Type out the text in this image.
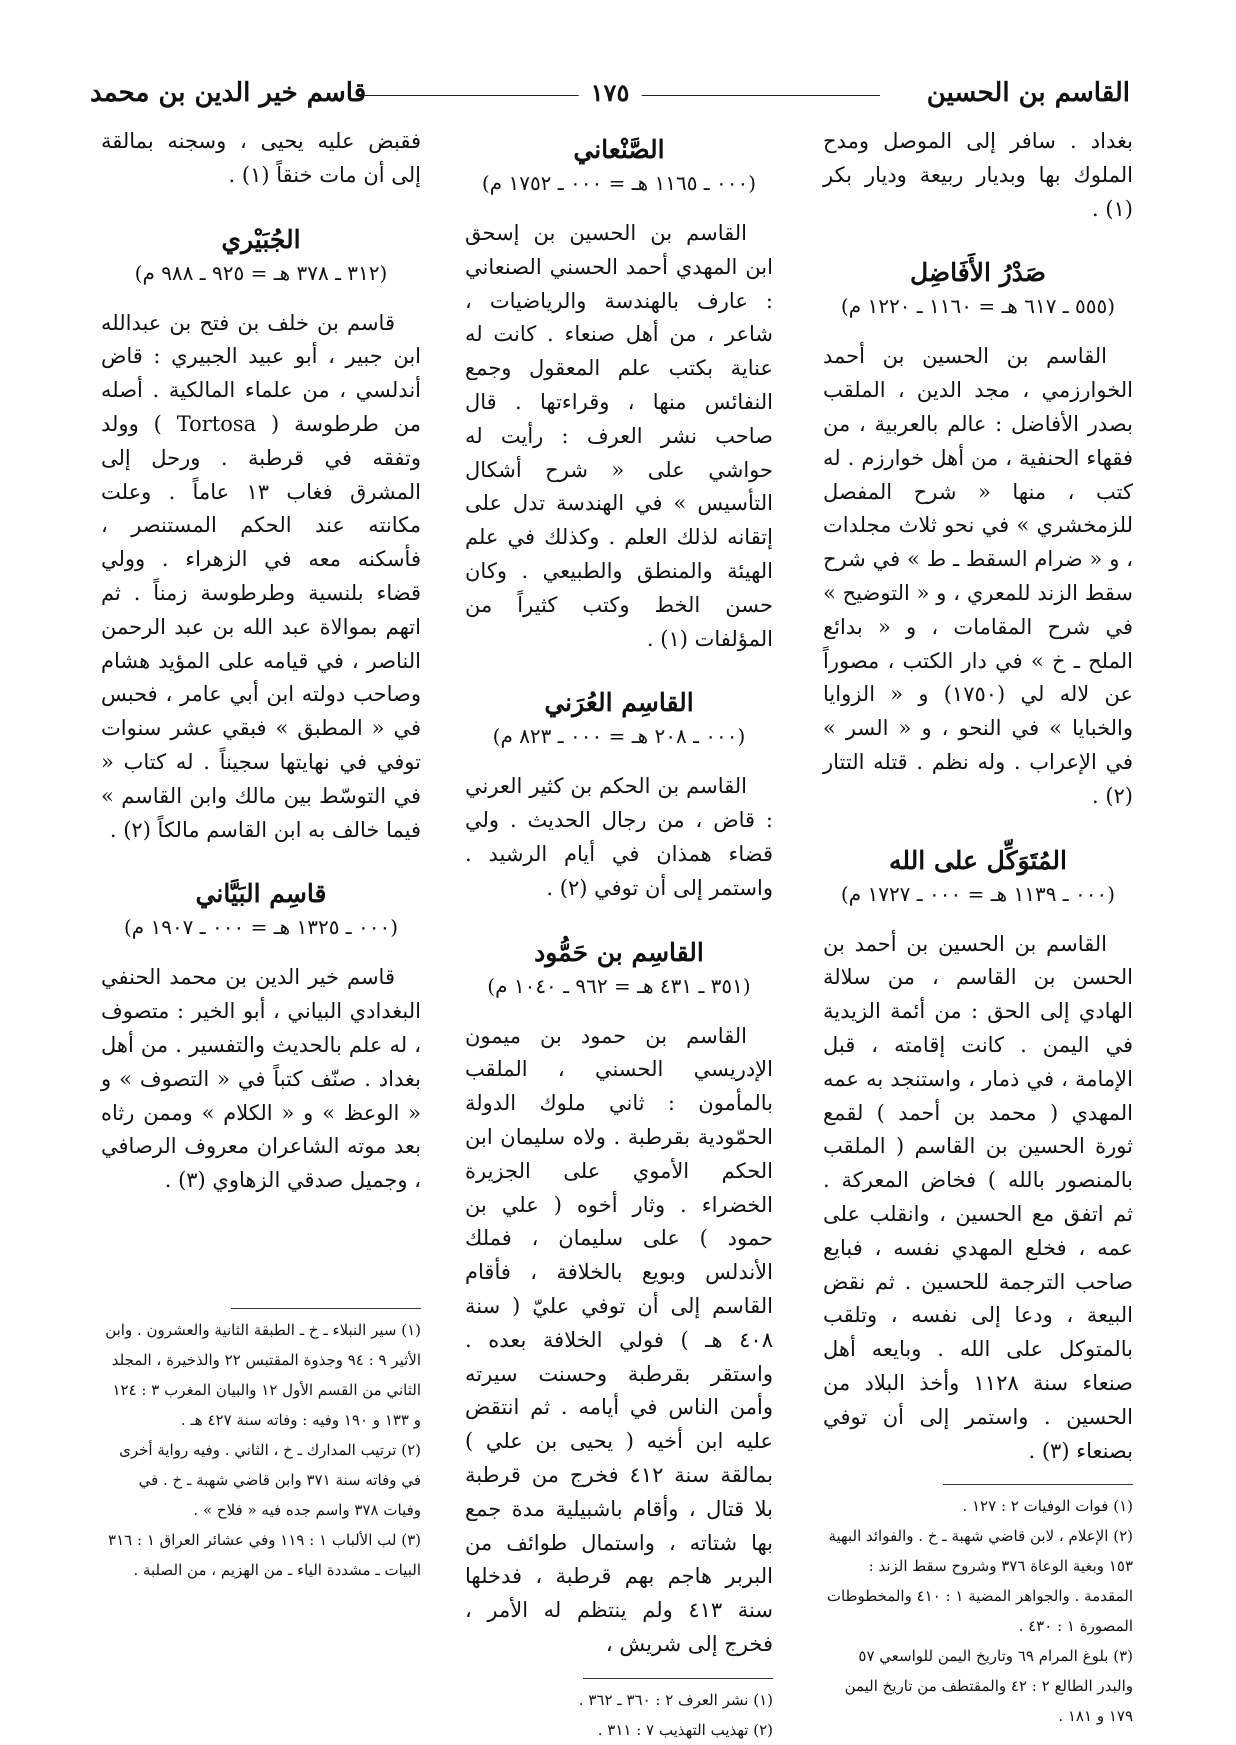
القاسم بن الحسين
١٧٥
قاسم خير الدين بن محمد

بغداد . سافر إلى الموصل ومدح الملوك بها وبديار ربيعة وديار بكر (١) .

صَدْرُ الأَفَاضِل
(٥٥٥ ـ ٦١٧ هـ = ١١٦٠ ـ ١٢٢٠ م)

القاسم بن الحسين بن أحمد الخوارزمي ، مجد الدين ، الملقب بصدر الأفاضل : عالم بالعربية ، من فقهاء الحنفية ، من أهل خوارزم . له كتب ، منها « شرح المفصل للزمخشري » في نحو ثلاث مجلدات ، و « ضرام السقط ـ ط » في شرح سقط الزند للمعري ، و « التوضيح » في شرح المقامات ، و « بدائع الملح ـ خ » في دار الكتب ، مصوراً عن لاله لي (١٧٥٠) و « الزوايا والخبايا » في النحو ، و « السر » في الإعراب . وله نظم . قتله التتار (٢) .

المُتَوَكِّل على الله
(٠٠٠ ـ ١١٣٩ هـ = ٠٠٠ ـ ١٧٢٧ م)

القاسم بن الحسين بن أحمد بن الحسن بن القاسم ، من سلالة الهادي إلى الحق : من أئمة الزيدية في اليمن . كانت إقامته ، قبل الإمامة ، في ذمار ، واستنجد به عمه المهدي ( محمد بن أحمد ) لقمع ثورة الحسين بن القاسم ( الملقب بالمنصور بالله ) فخاض المعركة . ثم اتفق مع الحسين ، وانقلب على عمه ، فخلع المهدي نفسه ، فبايع صاحب الترجمة للحسين . ثم نقض البيعة ، ودعا إلى نفسه ، وتلقب بالمتوكل على الله . وبايعه أهل صنعاء سنة ١١٢٨ وأخذ البلاد من الحسين . واستمر إلى أن توفي بصنعاء (٣) .

(١) فوات الوفيات ٢ : ١٢٧ .

(٢) الإعلام ، لابن قاضي شهبة ـ خ . والفوائد البهية ١٥٣ وبغية الوعاة ٣٧٦ وشروح سقط الزند : المقدمة . والجواهر المضية ١ : ٤١٠ والمخطوطات المصورة ١ : ٤٣٠ .

(٣) بلوغ المرام ٦٩ وتاريخ اليمن للواسعي ٥٧ والبدر الطالع ٢ : ٤٢ والمقتطف من تاريخ اليمن ١٧٩ و ١٨١ .

الصَّنْعاني
(٠٠٠ ـ ١١٦٥ هـ = ٠٠٠ ـ ١٧٥٢ م)

القاسم بن الحسين بن إسحق ابن المهدي أحمد الحسني الصنعاني : عارف بالهندسة والرياضيات ، شاعر ، من أهل صنعاء . كانت له عناية بكتب علم المعقول وجمع النفائس منها ، وقراءتها . قال صاحب نشر العرف : رأيت له حواشي على « شرح أشكال التأسيس » في الهندسة تدل على إتقانه لذلك العلم . وكذلك في علم الهيئة والمنطق والطبيعي . وكان حسن الخط وكتب كثيراً من المؤلفات (١) .

القاسِم العُرَني
(٠٠٠ ـ ٢٠٨ هـ = ٠٠٠ ـ ٨٢٣ م)

القاسم بن الحكم بن كثير العرني : قاض ، من رجال الحديث . ولي قضاء همذان في أيام الرشيد . واستمر إلى أن توفي (٢) .

القاسِم بن حَمُّود
(٣٥١ ـ ٤٣١ هـ = ٩٦٢ ـ ١٠٤٠ م)

القاسم بن حمود بن ميمون الإدريسي الحسني ، الملقب بالمأمون : ثاني ملوك الدولة الحمّودية بقرطبة . ولاه سليمان ابن الحكم الأموي على الجزيرة الخضراء . وثار أخوه ( علي بن حمود ) على سليمان ، فملك الأندلس وبويع بالخلافة ، فأقام القاسم إلى أن توفي عليّ ( سنة ٤٠٨ هـ ) فولي الخلافة بعده . واستقر بقرطبة وحسنت سيرته وأمن الناس في أيامه . ثم انتقض عليه ابن أخيه ( يحيى بن علي ) بمالقة سنة ٤١٢ فخرج من قرطبة بلا قتال ، وأقام باشبيلية مدة جمع بها شتاته ، واستمال طوائف من البربر هاجم بهم قرطبة ، فدخلها سنة ٤١٣ ولم ينتظم له الأمر ، فخرج إلى شريش ،

(١) نشر العرف ٢ : ٣٦٠ ـ ٣٦٢ .

(٢) تهذيب التهذيب ٧ : ٣١١ .

فقبض عليه يحيى ، وسجنه بمالقة إلى أن مات خنقاً (١) .

الجُبَيْري
(٣١٢ ـ ٣٧٨ هـ = ٩٢٥ ـ ٩٨٨ م)

قاسم بن خلف بن فتح بن عبدالله ابن جبير ، أبو عبيد الجبيري : قاض أندلسي ، من علماء المالكية . أصله من طرطوسة ( Tortosa ) وولد وتفقه في قرطبة . ورحل إلى المشرق فغاب ١٣ عاماً . وعلت مكانته عند الحكم المستنصر ، فأسكنه معه في الزهراء . وولي قضاء بلنسية وطرطوسة زمناً . ثم اتهم بموالاة عبد الله بن عبد الرحمن الناصر ، في قيامه على المؤيد هشام وصاحب دولته ابن أبي عامر ، فحبس في « المطبق » فبقي عشر سنوات توفي في نهايتها سجيناً . له كتاب « في التوسّط بين مالك وابن القاسم » فيما خالف به ابن القاسم مالكاً (٢) .

قاسِم البَيَّاني
(٠٠٠ ـ ١٣٢٥ هـ = ٠٠٠ ـ ١٩٠٧ م)

قاسم خير الدين بن محمد الحنفي البغدادي البياني ، أبو الخير : متصوف ، له علم بالحديث والتفسير . من أهل بغداد . صنّف كتباً في « التصوف » و « الوعظ » و « الكلام » وممن رثاه بعد موته الشاعران معروف الرصافي ، وجميل صدقي الزهاوي (٣) .

(١) سير النبلاء ـ خ ـ الطبقة الثانية والعشرون . وابن الأثير ٩ : ٩٤ وجذوة المقتبس ٢٢ والذخيرة ، المجلد الثاني من القسم الأول ١٢ والبيان المغرب ٣ : ١٢٤ و ١٣٣ و ١٩٠ وفيه : وفاته سنة ٤٢٧ هـ .

(٢) ترتيب المدارك ـ خ ، الثاني . وفيه رواية أخرى في وفاته سنة ٣٧١ وابن قاضي شهبة ـ خ . في وفيات ٣٧٨ واسم جده فيه « فلاح » .

(٣) لب الألباب ١ : ١١٩ وفي عشائر العراق ١ : ٣١٦ البيات ـ مشددة الياء ـ من الهزيم ، من الصلبة .
